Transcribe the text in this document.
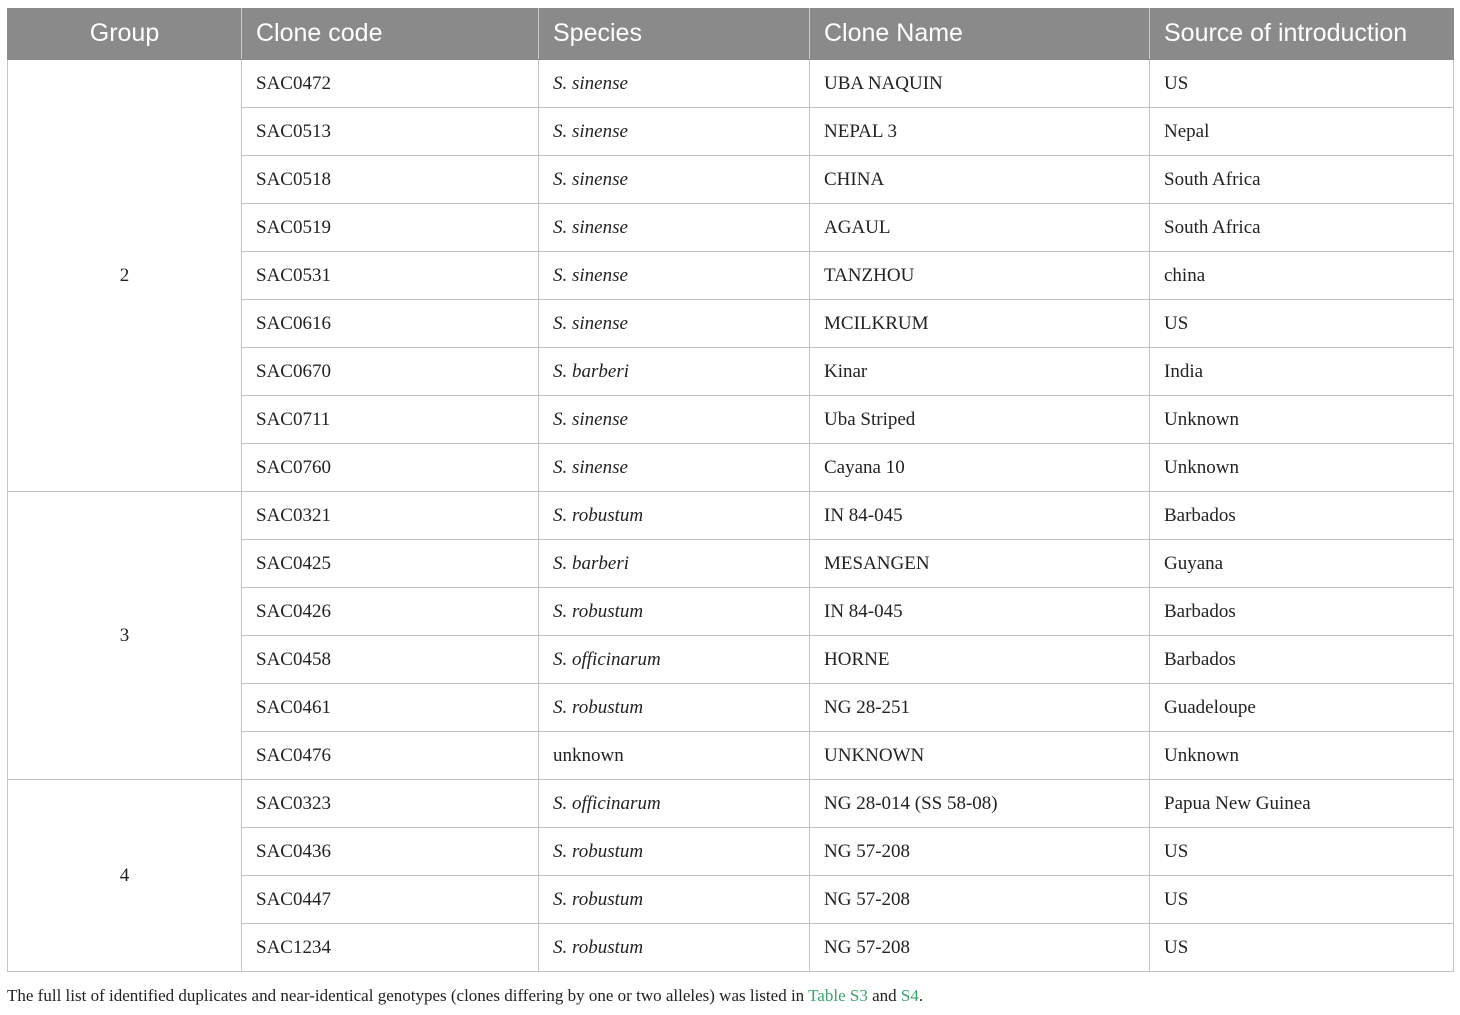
Group	Clone code	Species	Clone Name	Source of introduction
2	SAC0472	S. sinense	UBA NAQUIN	US
	SAC0513	S. sinense	NEPAL 3	Nepal
	SAC0518	S. sinense	CHINA	South Africa
	SAC0519	S. sinense	AGAUL	South Africa
	SAC0531	S. sinense	TANZHOU	china
	SAC0616	S. sinense	MCILKRUM	US
	SAC0670	S. barberi	Kinar	India
	SAC0711	S. sinense	Uba Striped	Unknown
	SAC0760	S. sinense	Cayana 10	Unknown
3	SAC0321	S. robustum	IN 84-045	Barbados
	SAC0425	S. barberi	MESANGEN	Guyana
	SAC0426	S. robustum	IN 84-045	Barbados
	SAC0458	S. officinarum	HORNE	Barbados
	SAC0461	S. robustum	NG 28-251	Guadeloupe
	SAC0476	unknown	UNKNOWN	Unknown
4	SAC0323	S. officinarum	NG 28-014 (SS 58-08)	Papua New Guinea
	SAC0436	S. robustum	NG 57-208	US
	SAC0447	S. robustum	NG 57-208	US
	SAC1234	S. robustum	NG 57-208	US
The full list of identified duplicates and near-identical genotypes (clones differing by one or two alleles) was listed in Table S3 and S4.
